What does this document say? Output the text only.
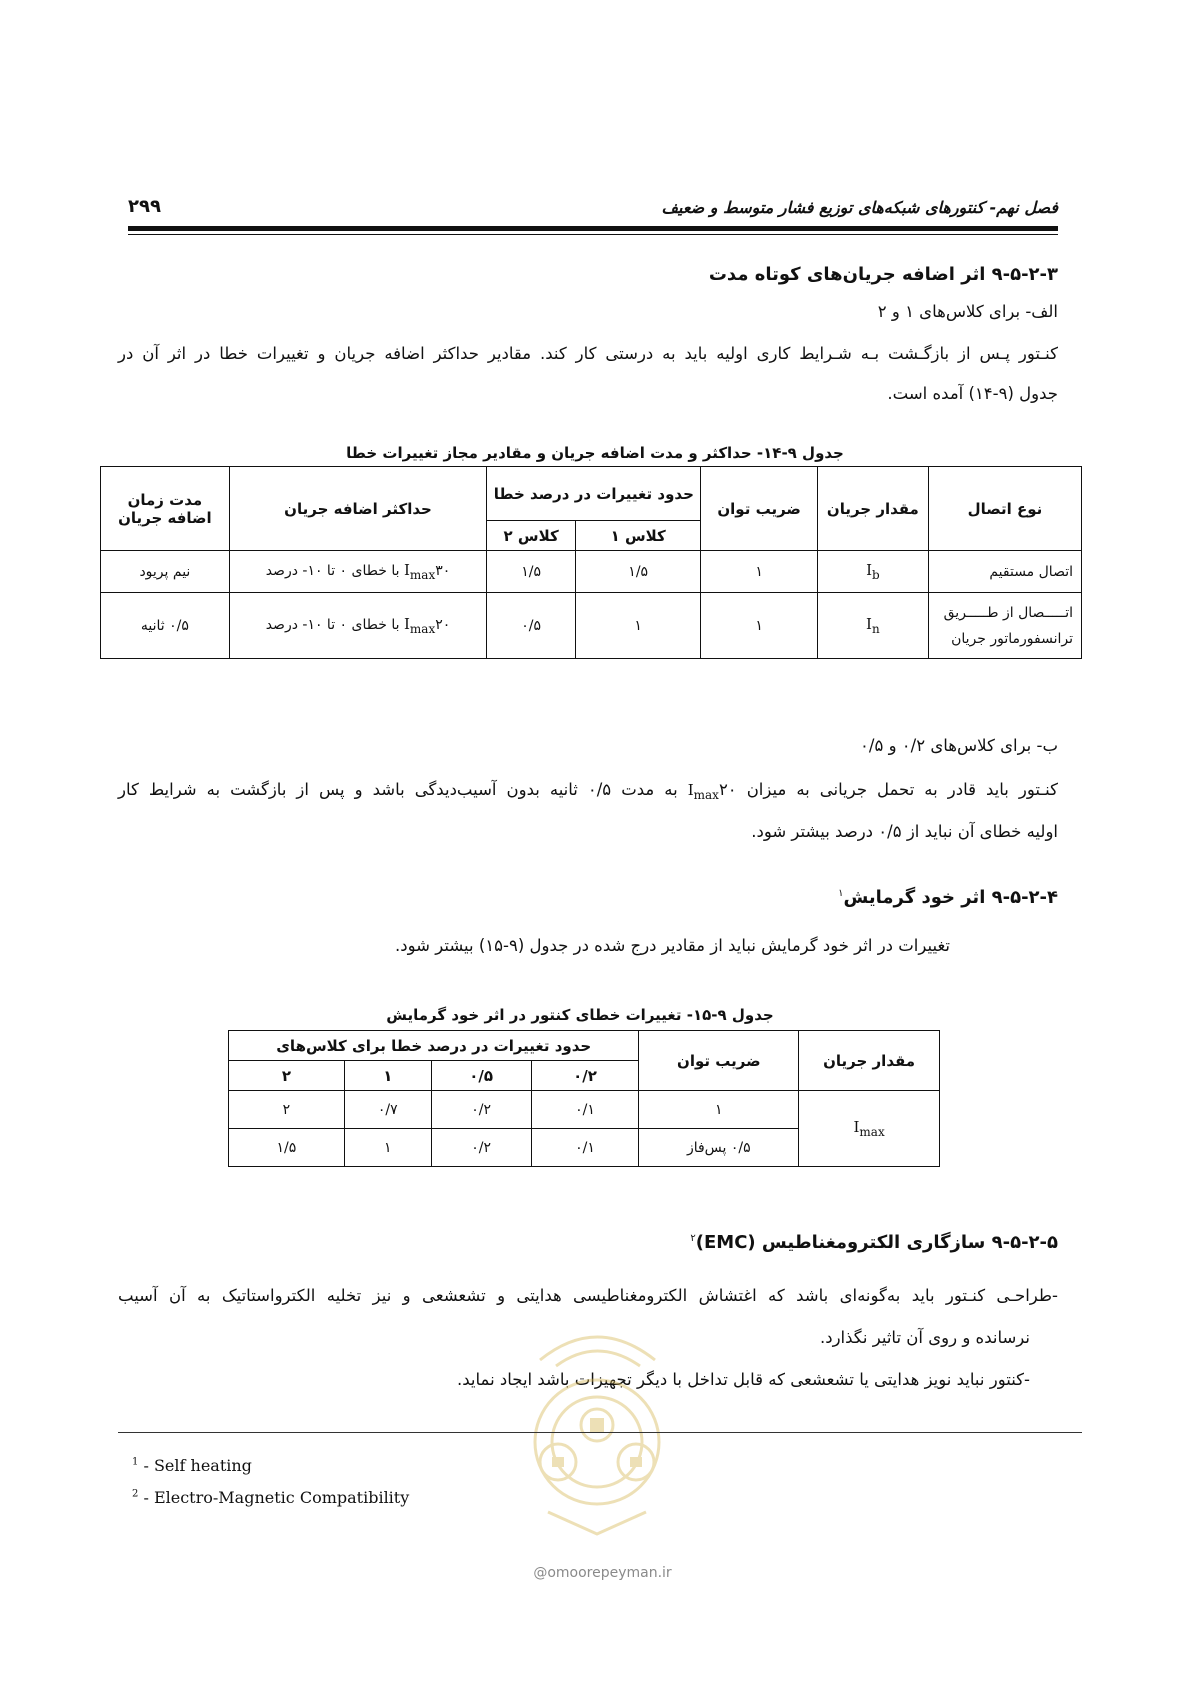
فصل نهم- کنتورهای شبکه‌های توزیع فشار متوسط و ضعیف
۲۹۹
۹-۵-۲-۳ اثر اضافه جریان‌های کوتاه مدت
الف- برای کلاس‌های ۱ و ۲
کنـتور پـس از بازگـشت بـه شـرایط کاری اولیه باید به درستی کار کند. مقادیر حداکثر اضافه جریان و تغییرات خطا در اثر آن در
جدول (۹-۱۴) آمده است.
جدول ۹-۱۴- حداکثر و مدت اضافه جریان و مقادیر مجاز تغییرات خطا
نوع اتصال	مقدار جریان	ضریب توان	حدود تغییرات در درصد خطا		حداکثر اضافه جریان	مدت زمان اضافه جریان
			کلاس ۱	کلاس ۲		
اتصال مستقیم	$I_b$	۱	۱/۵	۱/۵	$۳۰I_{max}$ با خطای ۰ تا ۱۰- درصد	نیم پریود

اتـــــصال از طـــــریق
ترانسفورماتور جریان	$I_n$	۱	۱	۰/۵	$۲۰I_{max}$ با خطای ۰ تا ۱۰- درصد	۰/۵ ثانیه
ب- برای کلاس‌های ۰/۲ و ۰/۵
کنـتور باید قادر به تحمل جریانی به میزان $۲۰I_{max}$ به مدت ۰/۵ ثانیه بدون آسیب‌دیدگی باشد و پس از بازگشت به شرایط کار
اولیه خطای آن نباید از ۰/۵ درصد بیشتر شود.
۹-۵-۲-۴ اثر خود گرمایش$^۱$
تغییرات در اثر خود گرمایش نباید از مقادیر درج شده در جدول (۹-۱۵) بیشتر شود.
جدول ۹-۱۵- تغییرات خطای کنتور در اثر خود گرمایش
مقدار جریان	ضریب توان	حدود تغییرات در درصد خطا برای کلاس‌های			
		۰/۲	۰/۵	۱	۲
$I_{max}$	۱	۰/۱	۰/۲	۰/۷	۲
	۰/۵ پس‌فاز	۰/۱	۰/۲	۱	۱/۵
۹-۵-۲-۵ سازگاری الکترومغناطیس (EMC)$^۲$
-طراحـی کنـتور باید به‌گونه‌ای باشد که اغتشاش الکترومغناطیسی هدایتی و تشعشعی و نیز تخلیه الکترواستاتیک به آن آسیب
نرسانده و روی آن تاثیر نگذارد.
-کنتور نباید نویز هدایتی یا تشعشعی که قابل تداخل با دیگر تجهیزات باشد ایجاد نماید.
@omoorepeyman.ir
$^1$ - Self heating
$^2$ - Electro-Magnetic Compatibility
